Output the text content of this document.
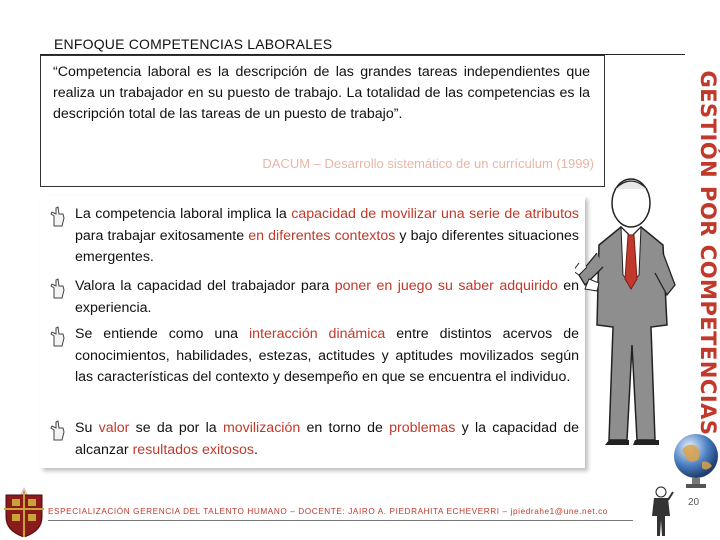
ENFOQUE COMPETENCIAS LABORALES

“Competencia laboral es la descripción de las grandes tareas independientes que realiza un trabajador en su puesto de trabajo. La totalidad de las competencias es la descripción total de las tareas de un puesto de trabajo”.

DACUM – Desarrollo sistemático de un currículum (1999)
La competencia laboral implica la capacidad de movilizar una serie de atributos para trabajar exitosamente en diferentes contextos y bajo diferentes situaciones emergentes.
Valora la capacidad del trabajador para poner en juego su saber adquirido en experiencia.
Se entiende como una interacción dinámica entre distintos acervos de conocimientos, habilidades, estezas, actitudes y aptitudes movilizados según las características del contexto y desempeño en que se encuentra el individuo.
Su valor se da por la movilización en torno de problemas y la capacidad de alcanzar resultados exitosos.
GESTIÓN POR COMPETENCIAS
ESPECIALIZACIÓN GERENCIA DEL TALENTO HUMANO – DOCENTE: JAIRO A. PIEDRAHITA ECHEVERRI – jpiedrahe1@une.net.co
20
